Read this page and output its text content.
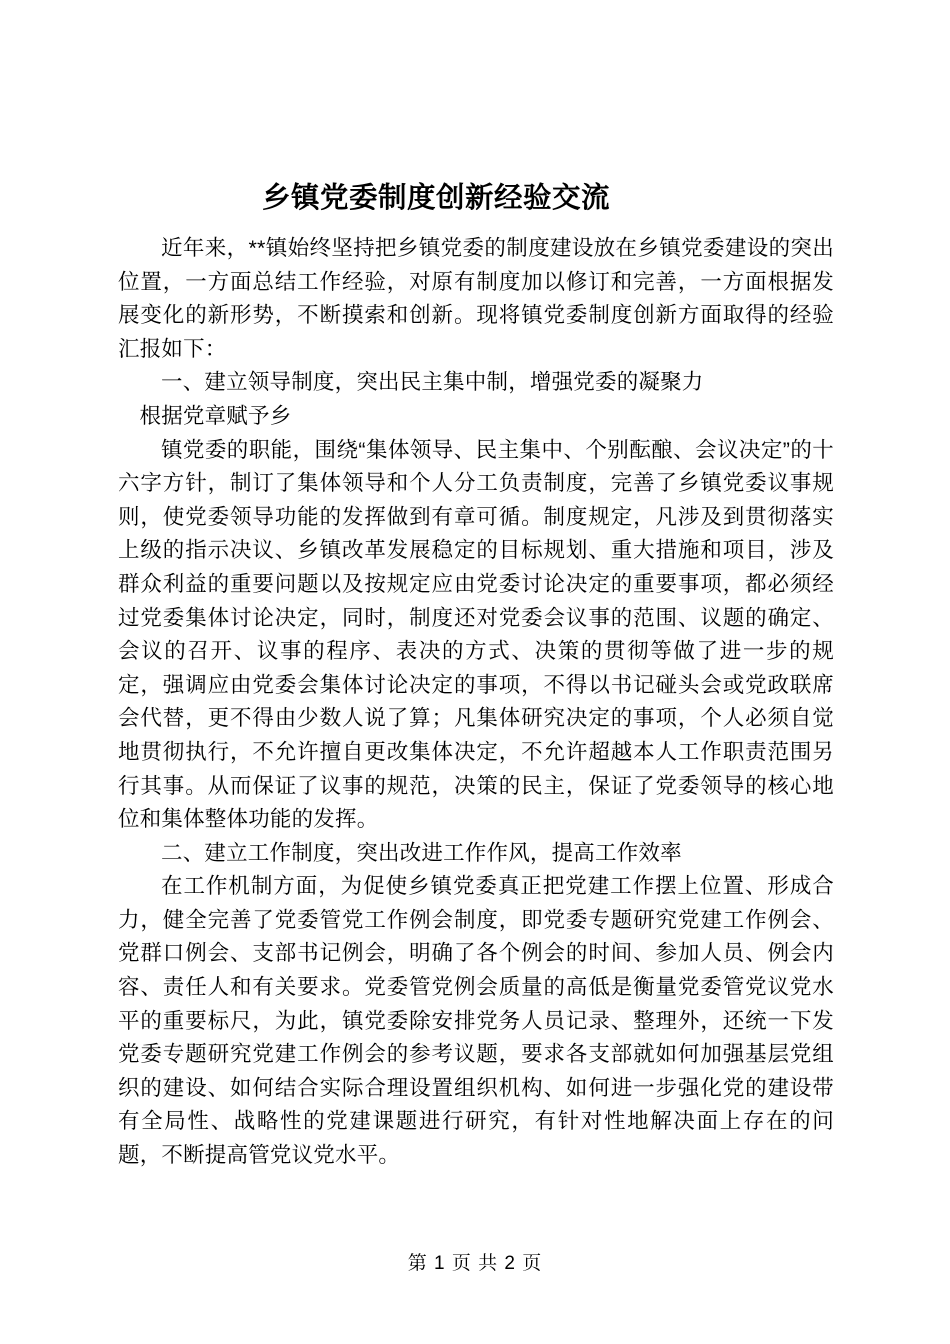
乡镇党委制度创新经验交流

近年来，**镇始终坚持把乡镇党委的制度建设放在乡镇党委建设的突出位置，一方面总结工作经验，对原有制度加以修订和完善，一方面根据发展变化的新形势，不断摸索和创新。现将镇党委制度创新方面取得的经验汇报如下：

一、建立领导制度，突出民主集中制，增强党委的凝聚力

根据党章赋予乡

镇党委的职能，围绕“集体领导、民主集中、个别酝酿、会议决定”的十六字方针，制订了集体领导和个人分工负责制度，完善了乡镇党委议事规则，使党委领导功能的发挥做到有章可循。制度规定，凡涉及到贯彻落实上级的指示决议、乡镇改革发展稳定的目标规划、重大措施和项目，涉及群众利益的重要问题以及按规定应由党委讨论决定的重要事项，都必须经过党委集体讨论决定，同时，制度还对党委会议事的范围、议题的确定、会议的召开、议事的程序、表决的方式、决策的贯彻等做了进一步的规定，强调应由党委会集体讨论决定的事项，不得以书记碰头会或党政联席会代替，更不得由少数人说了算；凡集体研究决定的事项，个人必须自觉地贯彻执行，不允许擅自更改集体决定，不允许超越本人工作职责范围另行其事。从而保证了议事的规范，决策的民主，保证了党委领导的核心地位和集体整体功能的发挥。

二、建立工作制度，突出改进工作作风，提高工作效率

在工作机制方面，为促使乡镇党委真正把党建工作摆上位置、形成合力，健全完善了党委管党工作例会制度，即党委专题研究党建工作例会、党群口例会、支部书记例会，明确了各个例会的时间、参加人员、例会内容、责任人和有关要求。党委管党例会质量的高低是衡量党委管党议党水平的重要标尺，为此，镇党委除安排党务人员记录、整理外，还统一下发党委专题研究党建工作例会的参考议题，要求各支部就如何加强基层党组织的建设、如何结合实际合理设置组织机构、如何进一步强化党的建设带有全局性、战略性的党建课题进行研究，有针对性地解决面上存在的问题，不断提高管党议党水平。

第 1 页 共 2 页
